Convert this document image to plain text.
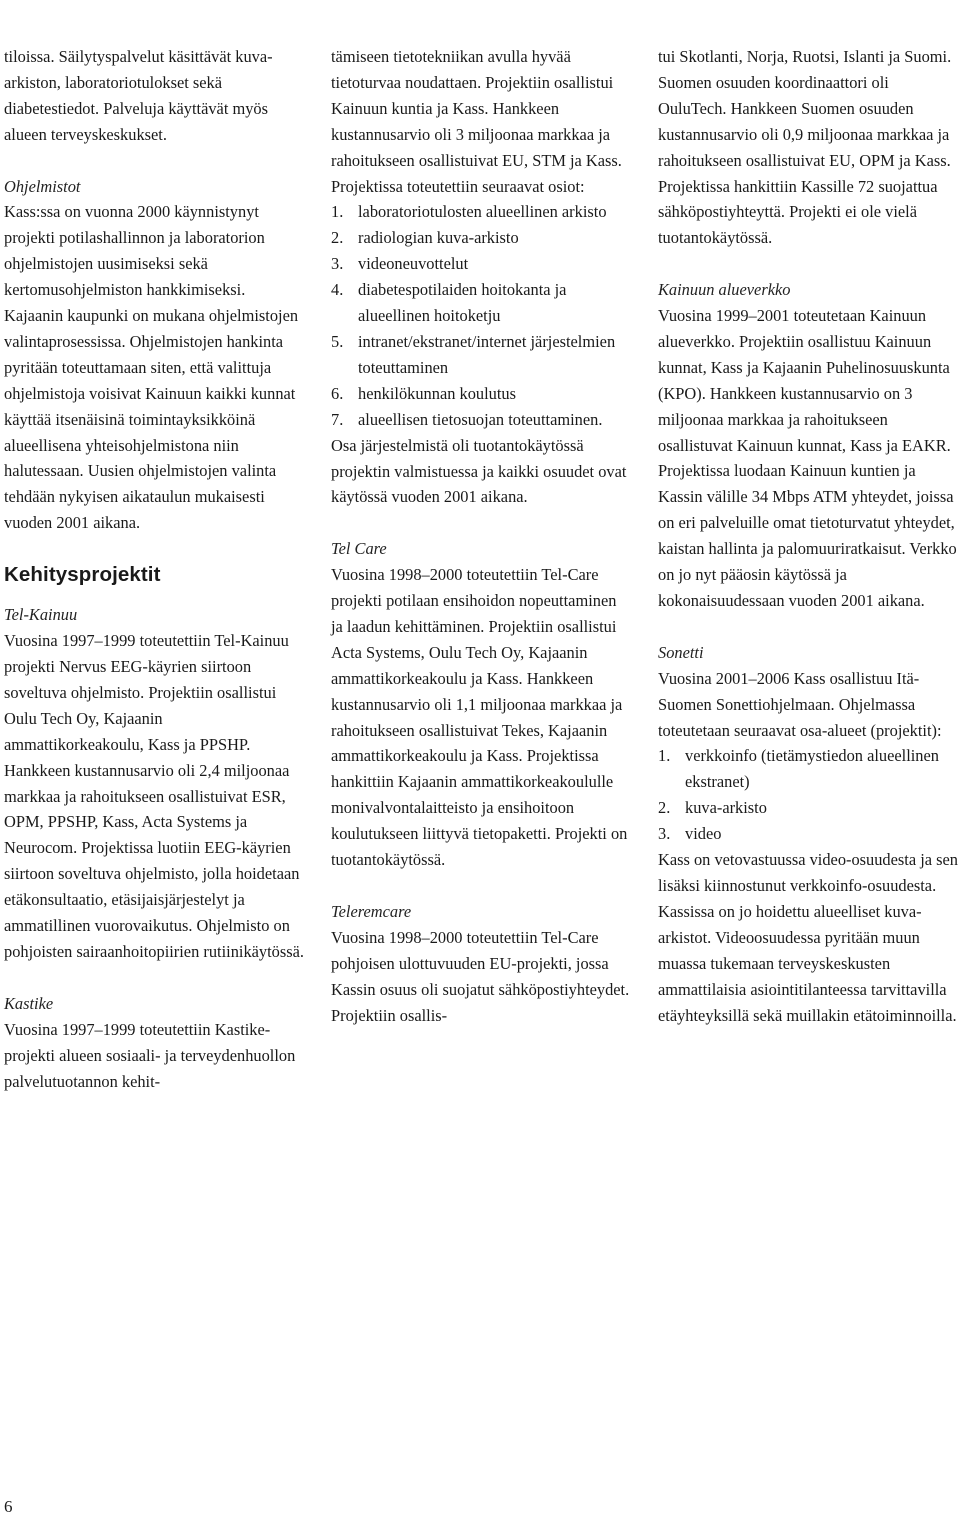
tiloissa. Säilytyspalvelut käsittävät kuva-arkiston, laboratoriotulokset sekä diabetestiedot. Palveluja käyttävät myös alueen terveyskeskukset.

Ohjelmistot

Kass:ssa on vuonna 2000 käynnistynyt projekti potilashallinnon ja laboratorion ohjelmistojen uusimiseksi sekä kertomusohjelmiston hankkimiseksi. Kajaanin kaupunki on mukana ohjelmistojen valintaprosessissa. Ohjelmistojen hankinta pyritään toteuttamaan siten, että valittuja ohjelmistoja voisivat Kainuun kaikki kunnat käyttää itsenäisinä toimintayksikköinä alueellisena yhteisohjelmistona niin halutessaan. Uusien ohjelmistojen valinta tehdään nykyisen aikataulun mukaisesti vuoden 2001 aikana.

Kehitysprojektit

Tel-Kainuu

Vuosina 1997–1999 toteutettiin Tel-Kainuu projekti Nervus EEG-käyrien siirtoon soveltuva ohjelmisto. Projektiin osallistui Oulu Tech Oy, Kajaanin ammattikorkeakoulu, Kass ja PPSHP. Hankkeen kustannusarvio oli 2,4 miljoonaa markkaa ja rahoitukseen osallistuivat ESR, OPM, PPSHP, Kass, Acta Systems ja Neurocom. Projektissa luotiin EEG-käyrien siirtoon soveltuva ohjelmisto, jolla hoidetaan etäkonsultaatio, etäsijaisjärjestelyt ja ammatillinen vuorovaikutus. Ohjelmisto on pohjoisten sairaanhoitopiirien rutiinikäytössä.

Kastike

Vuosina 1997–1999 toteutettiin Kastike-projekti alueen sosiaali- ja terveydenhuollon palvelutuotannon kehit-

tämiseen tietotekniikan avulla hyvää tietoturvaa noudattaen. Projektiin osallistui Kainuun kuntia ja Kass. Hankkeen kustannusarvio oli 3 miljoonaa markkaa ja rahoitukseen osallistuivat EU, STM ja Kass. Projektissa toteutettiin seuraavat osiot:

1. laboratoriotulosten alueellinen arkisto
2. radiologian kuva-arkisto
3. videoneuvottelut
4. diabetespotilaiden hoitokanta ja alueellinen hoitoketju
5. intranet/ekstranet/internet järjestelmien toteuttaminen
6. henkilökunnan koulutus
7. alueellisen tietosuojan toteuttaminen.

Osa järjestelmistä oli tuotantokäytössä projektin valmistuessa ja kaikki osuudet ovat käytössä vuoden 2001 aikana.

Tel Care

Vuosina 1998–2000 toteutettiin Tel-Care projekti potilaan ensihoidon nopeuttaminen ja laadun kehittäminen. Projektiin osallistui Acta Systems, Oulu Tech Oy, Kajaanin ammattikorkeakoulu ja Kass. Hankkeen kustannusarvio oli 1,1 miljoonaa markkaa ja rahoitukseen osallistuivat Tekes, Kajaanin ammattikorkeakoulu ja Kass. Projektissa hankittiin Kajaanin ammattikorkeakoululle monivalvontalaitteisto ja ensihoitoon koulutukseen liittyvä tietopaketti. Projekti on tuotantokäytössä.

Teleremcare

Vuosina 1998–2000 toteutettiin Tel-Care pohjoisen ulottuvuuden EU-projekti, jossa Kassin osuus oli suojatut sähköpostiyhteydet. Projektiin osallis-

tui Skotlanti, Norja, Ruotsi, Islanti ja Suomi. Suomen osuuden koordinaattori oli OuluTech. Hankkeen Suomen osuuden kustannusarvio oli 0,9 miljoonaa markkaa ja rahoitukseen osallistuivat EU, OPM ja Kass. Projektissa hankittiin Kassille 72 suojattua sähköpostiyhteyttä. Projekti ei ole vielä tuotantokäytössä.

Kainuun alueverkko

Vuosina 1999–2001 toteutetaan Kainuun alueverkko. Projektiin osallistuu Kainuun kunnat, Kass ja Kajaanin Puhelinosuuskunta (KPO). Hankkeen kustannusarvio on 3 miljoonaa markkaa ja rahoitukseen osallistuvat Kainuun kunnat, Kass ja EAKR. Projektissa luodaan Kainuun kuntien ja Kassin välille 34 Mbps ATM yhteydet, joissa on eri palveluille omat tietoturvatut yhteydet, kaistan hallinta ja palomuuriratkaisut. Verkko on jo nyt pääosin käytössä ja kokonaisuudessaan vuoden 2001 aikana.

Sonetti

Vuosina 2001–2006 Kass osallistuu Itä-Suomen Sonettiohjelmaan. Ohjelmassa toteutetaan seuraavat osa-alueet (projektit):

1. verkkoinfo (tietämystiedon alueellinen ekstranet)
2. kuva-arkisto
3. video

Kass on vetovastuussa video-osuudesta ja sen lisäksi kiinnostunut verkkoinfo-osuudesta. Kassissa on jo hoidettu alueelliset kuva-arkistot. Videoosuudessa pyritään muun muassa tukemaan terveyskeskusten ammattilaisia asiointitilanteessa tarvittavilla etäyhteyksillä sekä muillakin etätoiminnoilla.

6
